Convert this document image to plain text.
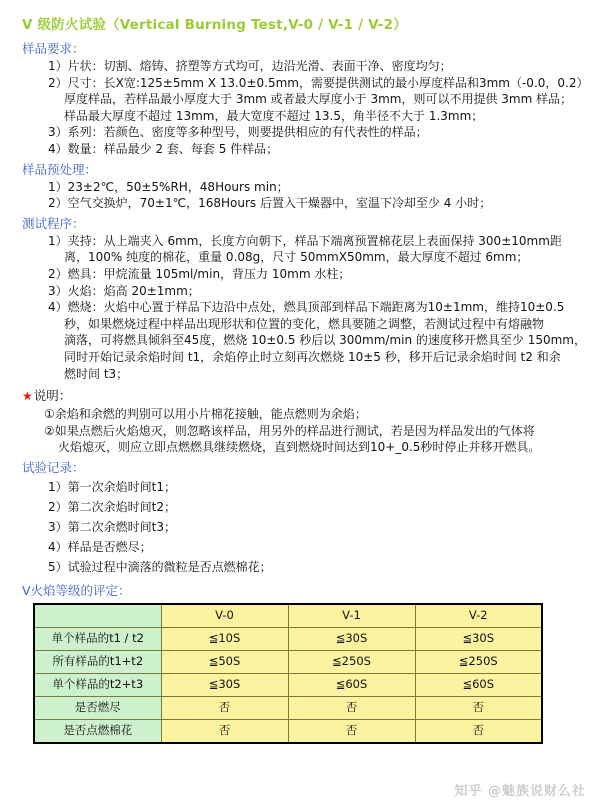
V 级防火试验（Vertical Burning Test,V-0 / V-1 / V-2）
样品要求：
1）片状：切割、熔铸、挤塑等方式均可，边沿光滑、表面干净、密度均匀；
2）尺寸：长X宽:125±5mm X 13.0±0.5mm，需要提供测试的最小厚度样品和3mm（-0.0，0.2）
厚度样品，若样品最小厚度大于 3mm 或者最大厚度小于 3mm，则可以不用提供 3mm 样品；
样品最大厚度不超过 13mm，最大宽度不超过 13.5，角半径不大于 1.3mm；
3）系列：若颜色、密度等多种型号，则要提供相应的有代表性的样品；
4）数量：样品最少 2 套、每套 5 件样品；
样品预处理：
1）23±2℃，50±5%RH，48Hours min；
2）空气交换炉，70±1℃，168Hours 后置入干燥器中，室温下冷却至少 4 小时；
测试程序：
1）夹持：从上端夹入 6mm，长度方向朝下，样品下端离预置棉花层上表面保持 300±10mm距
离，100% 纯度的棉花，重量 0.08g，尺寸 50mmX50mm，最大厚度不超过 6mm；
2）燃具：甲烷流量 105ml/min，背压力 10mm 水柱；
3）火焰：焰高 20±1mm；
4）燃烧：火焰中心置于样品下边沿中点处，燃具顶部到样品下端距离为10±1mm，维持10±0.5
秒，如果燃烧过程中样品出现形状和位置的变化，燃具要随之调整，若测试过程中有熔融物
滴落，可将燃具倾斜至45度，燃烧 10±0.5 秒后以 300mm/min 的速度移开燃具至少 150mm，
同时开始记录余焰时间 t1，余焰停止时立刻再次燃烧 10±5 秒，移开后记录余焰时间 t2 和余
燃时间 t3；
★说明：
①余焰和余燃的判别可以用小片棉花接触，能点燃则为余焰；
②如果点燃后火焰熄灭，则忽略该样品，用另外的样品进行测试，若是因为样品发出的气体将
火焰熄灭，则应立即点燃燃具继续燃烧，直到燃烧时间达到10+_0.5秒时停止并移开燃具。
试验记录：
1）第一次余焰时间t1；
2）第二次余焰时间t2；
3）第二次余燃时间t3；
4）样品是否燃尽；
5）试验过程中滴落的微粒是否点燃棉花；
V火焰等级的评定：
	V-0	V-1	V-2
单个样品的t1 / t2	≦10S	≦30S	≦30S
所有样品的t1+t2	≦50S	≦250S	≦250S
单个样品的t2+t3	≦30S	≦60S	≦60S
是否燃尽	否	否	否
是否点燃棉花	否	否	否
知乎 @魅族说财么社
